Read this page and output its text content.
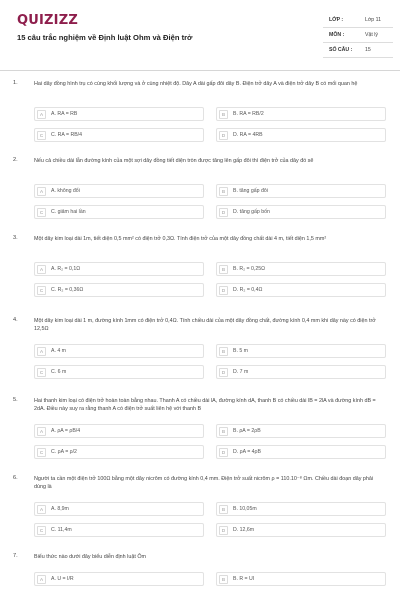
QUIZIZZ
15 câu trắc nghiệm về Định luật Ohm và Điện trở
LỚP :	Lớp 11
MÔN :	Vật lý
SỐ CÂU : 15
1.	Hai dây đồng hình trụ có cùng khối lượng và ở cùng nhiệt độ. Dây A dài gấp đôi dây B. Điện trở dây A và điện trở dây B có mối quan hệ
A	A. RA = RB	B	B. RA = RB/2
C	C. RA = RB/4	D	D. RA = 4RB
2.	Nếu cả chiều dài lẫn đường kính của một sợi dây đồng tiết diện tròn được tăng lên gấp đôi thì điện trở của dây đó sẽ
A	A. không đổi	B	B. tăng gấp đôi
C	C. giảm hai lần	D	D. tăng gấp bốn
3.	Một dây kim loại dài 1m, tiết diện 0,5 mm² có điện trở 0,3Ω. Tính điện trở của một dây đồng chất dài 4 m, tiết diện 1,5 mm²
A	A. R₂ = 0,1Ω	B	B. R₂ = 0,25Ω
C	C. R₂ = 0,36Ω	D	D. R₂ = 0,4Ω
4.	Một dây kim loại dài 1 m, đường kính 1mm có điện trở 0,4Ω. Tính chiều dài của một dây đồng chất, đường kính 0,4 mm khi dây này có điện trở 12,5Ω
A	A. 4 m	B	B. 5 m
C	C. 6 m	D	D. 7 m
5.	Hai thanh kim loại có điện trở hoàn toàn bằng nhau. Thanh A có chiều dài lA, đường kính dA, thanh B có chiều dài lB = 2lA và đường kính dB = 2dA. Điều này suy ra rằng thanh A có điện trở suất liên hệ với thanh B
A	A. ρA = ρB/4	B	B. ρA = 2ρB
C	C. ρA = ρ/2	D	D. ρA = 4ρB
6.	Người ta cần một điện trở 100Ω bằng một dây nicrôm có đường kính 0,4 mm. Điện trở suất nicrôm ρ = 110.10⁻⁸ Ωm. Chiều dài đoạn dây phải dùng là
A	A. 8,9m	B	B. 10,05m
C	C. 11,4m	D	D. 12,6m
7.	Biểu thức nào dưới đây biểu diễn định luật Ôm
A	A. U = I/R	B	B. R = UI
